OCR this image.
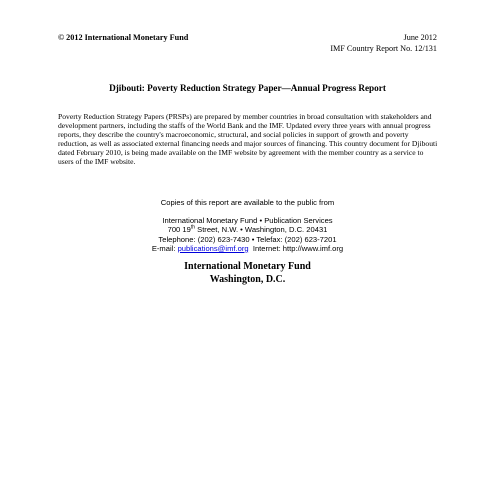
© 2012 International Monetary Fund	June 2012
IMF Country Report No. 12/131
Djibouti: Poverty Reduction Strategy Paper—Annual Progress Report
Poverty Reduction Strategy Papers (PRSPs) are prepared by member countries in broad consultation with stakeholders and development partners, including the staffs of the World Bank and the IMF. Updated every three years with annual progress reports, they describe the country's macroeconomic, structural, and social policies in support of growth and poverty reduction, as well as associated external financing needs and major sources of financing. This country document for Djibouti dated February 2010, is being made available on the IMF website by agreement with the member country as a service to users of the IMF website.
Copies of this report are available to the public from
International Monetary Fund • Publication Services
700 19th Street, N.W. • Washington, D.C. 20431
Telephone: (202) 623-7430 • Telefax: (202) 623-7201
E-mail: publications@imf.org  Internet: http://www.imf.org
International Monetary Fund
Washington, D.C.
